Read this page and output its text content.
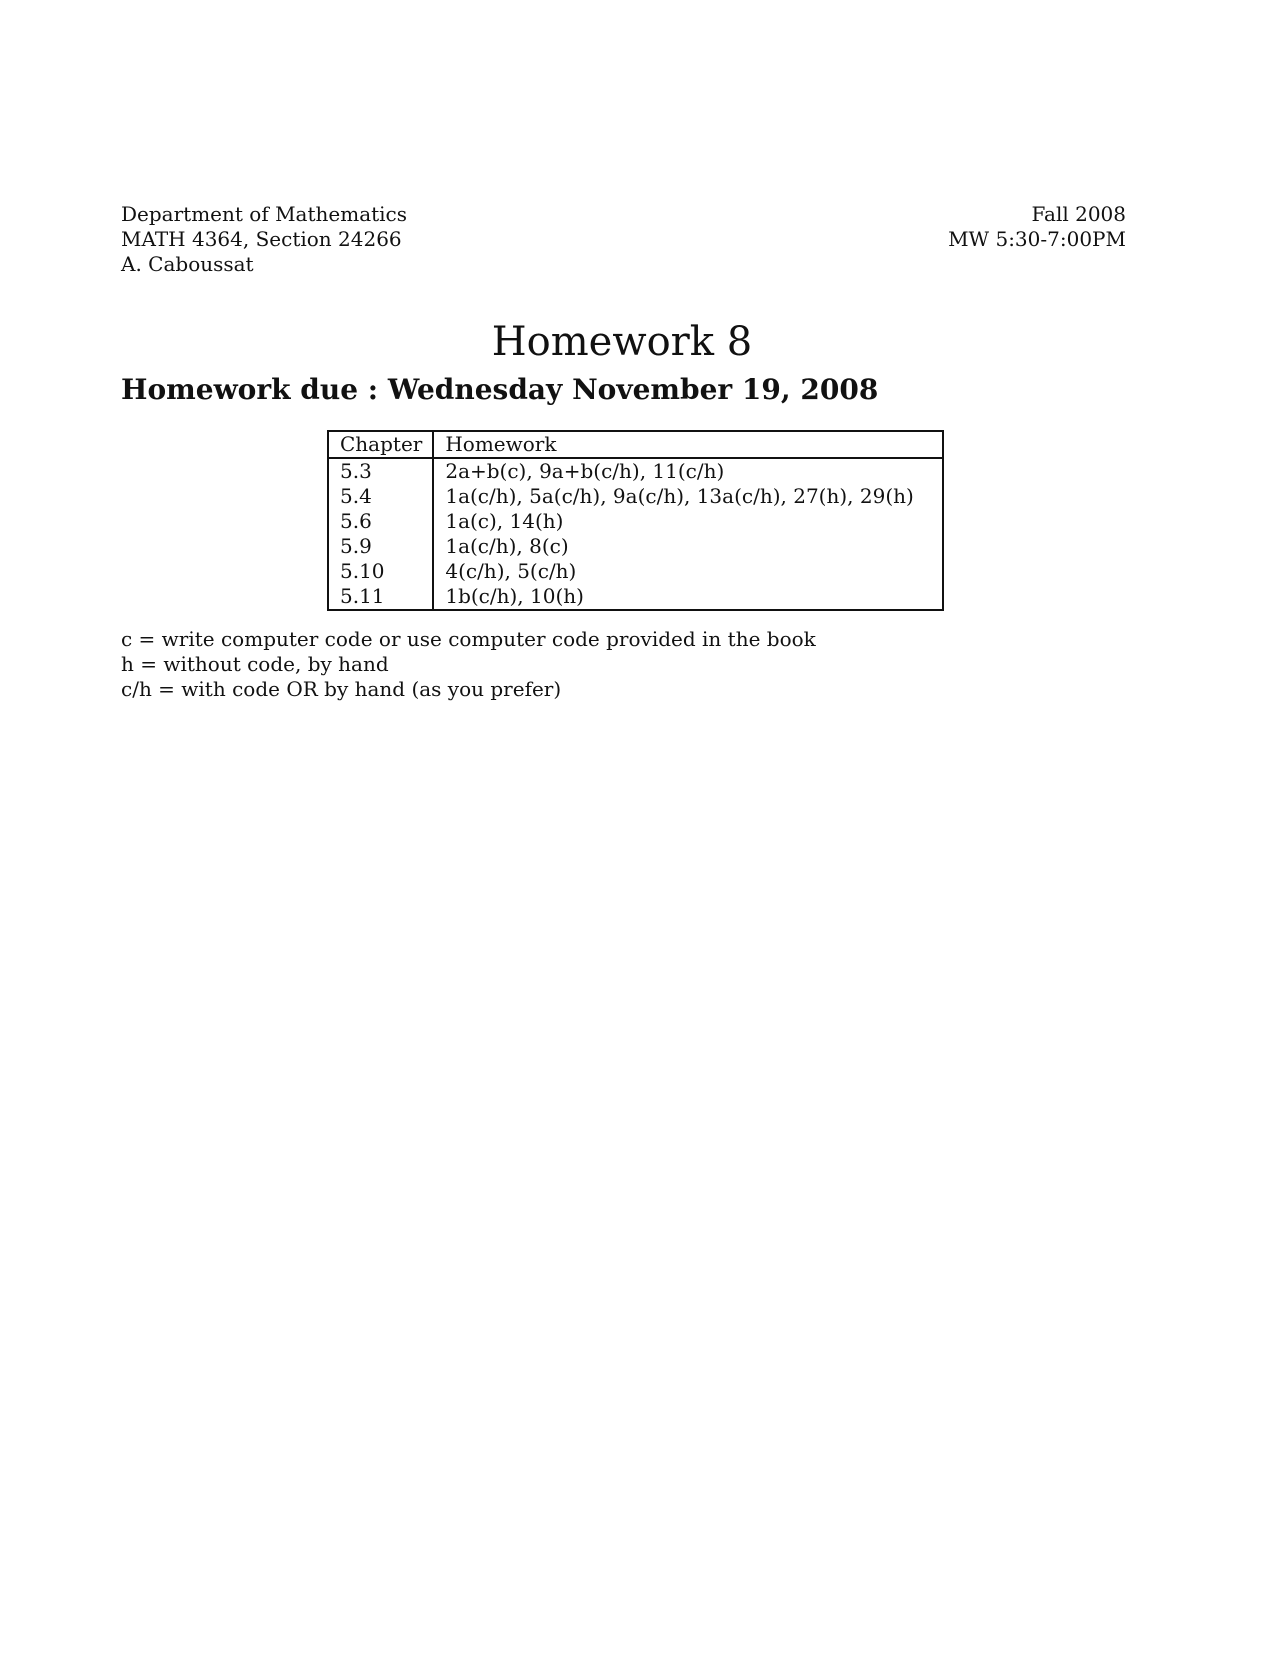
Department of Mathematics
MATH 4364, Section 24266
A. Caboussat
Fall 2008
MW 5:30-7:00PM
Homework 8
Homework due : Wednesday November 19, 2008
Chapter	Homework
5.3	2a+b(c), 9a+b(c/h), 11(c/h)
5.4	1a(c/h), 5a(c/h), 9a(c/h), 13a(c/h), 27(h), 29(h)
5.6	1a(c), 14(h)
5.9	1a(c/h), 8(c)
5.10	4(c/h), 5(c/h)
5.11	1b(c/h), 10(h)
c = write computer code or use computer code provided in the book
h = without code, by hand
c/h = with code OR by hand (as you prefer)
